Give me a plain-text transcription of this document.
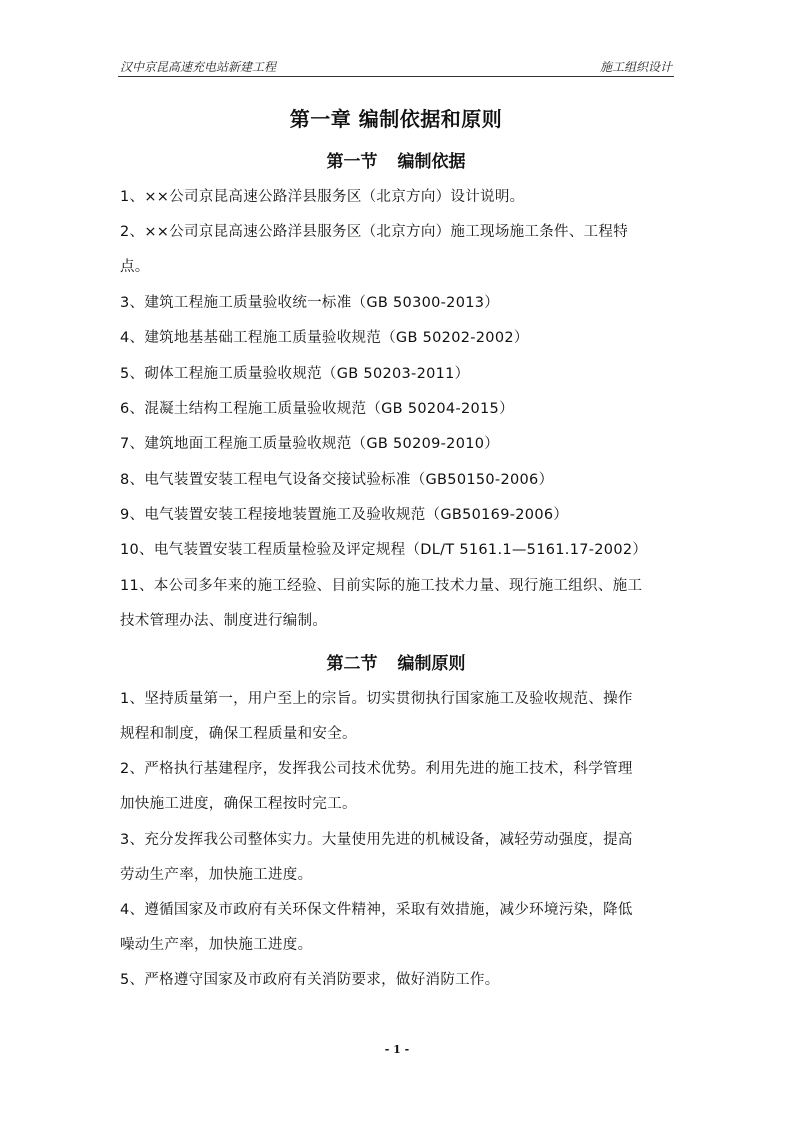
汉中京昆高速充电站新建工程	施工组织设计
第一章 编制依据和原则
第一节 编制依据
1、××公司京昆高速公路洋县服务区（北京方向）设计说明。
2、××公司京昆高速公路洋县服务区（北京方向）施工现场施工条件、工程特
点。
3、建筑工程施工质量验收统一标准（GB 50300-2013）
4、建筑地基基础工程施工质量验收规范（GB 50202-2002）
5、砌体工程施工质量验收规范（GB 50203-2011）
6、混凝土结构工程施工质量验收规范（GB 50204-2015）
7、建筑地面工程施工质量验收规范（GB 50209-2010）
8、电气装置安装工程电气设备交接试验标准（GB50150-2006）
9、电气装置安装工程接地装置施工及验收规范（GB50169-2006）
10、电气装置安装工程质量检验及评定规程（DL/T 5161.1—5161.17-2002）
11、本公司多年来的施工经验、目前实际的施工技术力量、现行施工组织、施工
技术管理办法、制度进行编制。
第二节 编制原则
1、坚持质量第一，用户至上的宗旨。切实贯彻执行国家施工及验收规范、操作
规程和制度，确保工程质量和安全。
2、严格执行基建程序，发挥我公司技术优势。利用先进的施工技术，科学管理
加快施工进度，确保工程按时完工。
3、充分发挥我公司整体实力。大量使用先进的机械设备，减轻劳动强度，提高
劳动生产率，加快施工进度。
4、遵循国家及市政府有关环保文件精神，采取有效措施，减少环境污染，降低
噪动生产率，加快施工进度。
5、严格遵守国家及市政府有关消防要求，做好消防工作。
- 1 -
